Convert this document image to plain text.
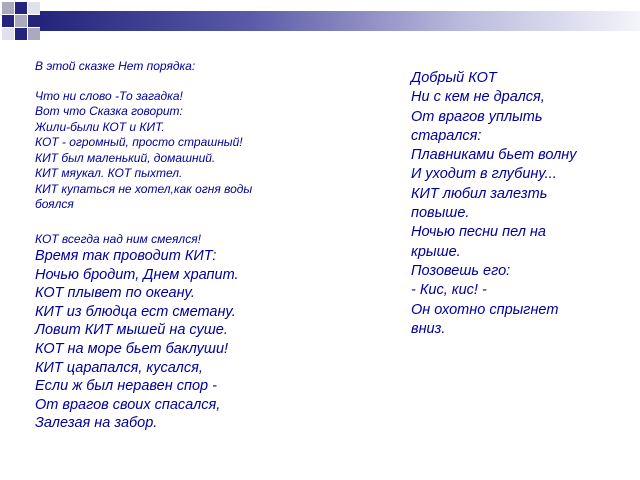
В этой сказке Нет порядка:

Что ни слово -То загадка!

Вот что Сказка говорит:

Жили-были КОТ и КИТ.

КОТ - огромный, просто страшный!

КИТ был маленький, домашний.

КИТ мяукал. КОТ пыхтел.

КИТ купаться не хотел,как огня воды

боялся

КОТ всегда над ним смеялся!

Время так проводит КИТ:

Ночью бродит, Днем храпит.

КОТ плывет по океану.

КИТ из блюдца ест сметану.

Ловит КИТ мышей на суше.

КОТ на море бьет баклуши!

КИТ царапался, кусался,

Если ж был неравен спор -

От врагов своих спасался,

Залезая на забор.

Добрый КОТ

Ни с кем не дрался,

От врагов уплыть

старался:

Плавниками бьет волну

И уходит в глубину...

КИТ любил залезть

повыше.

Ночью песни пел на

крыше.

Позовешь его:

- Кис, кис! -

Он охотно спрыгнет

вниз.
